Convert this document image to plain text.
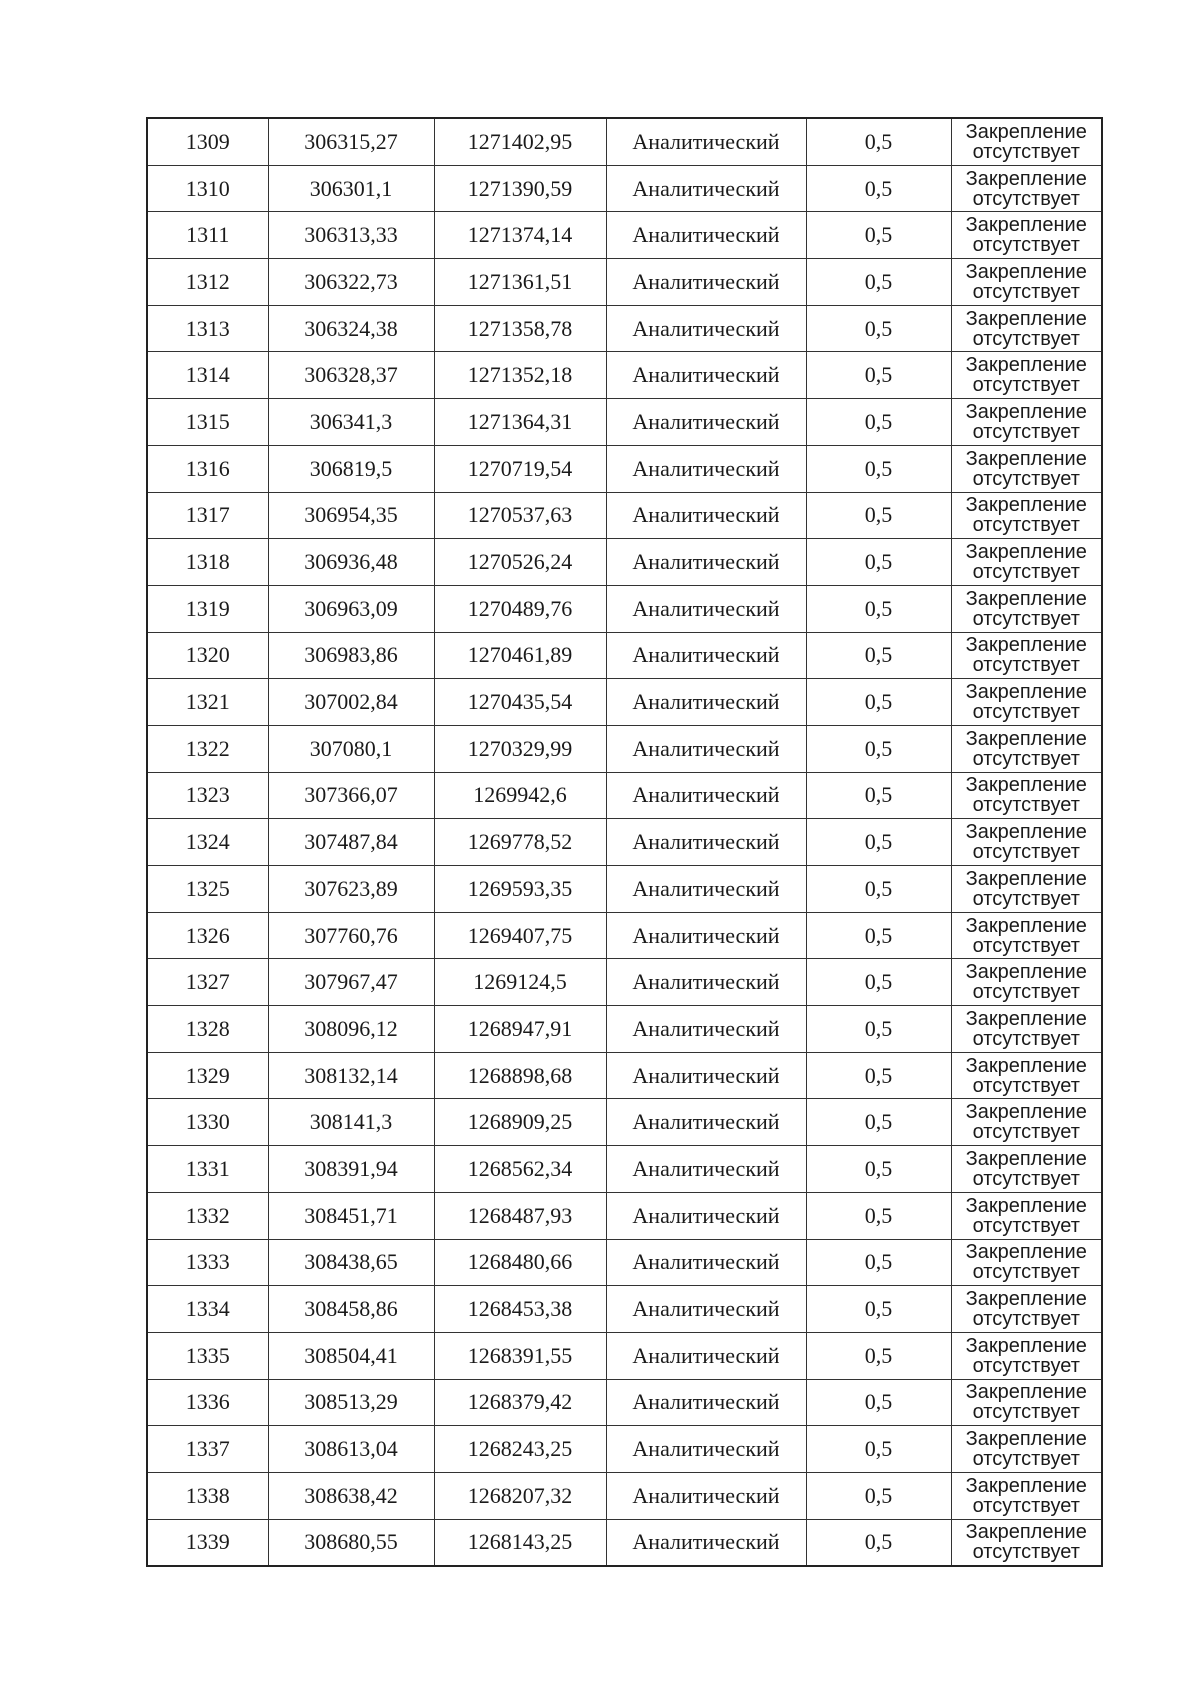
1309	306315,27	1271402,95	Аналитический	0,5	Закрепление
отсутствует

1310	306301,1	1271390,59	Аналитический	0,5	Закрепление
отсутствует

1311	306313,33	1271374,14	Аналитический	0,5	Закрепление
отсутствует

1312	306322,73	1271361,51	Аналитический	0,5	Закрепление
отсутствует

1313	306324,38	1271358,78	Аналитический	0,5	Закрепление
отсутствует

1314	306328,37	1271352,18	Аналитический	0,5	Закрепление
отсутствует

1315	306341,3	1271364,31	Аналитический	0,5	Закрепление
отсутствует

1316	306819,5	1270719,54	Аналитический	0,5	Закрепление
отсутствует

1317	306954,35	1270537,63	Аналитический	0,5	Закрепление
отсутствует

1318	306936,48	1270526,24	Аналитический	0,5	Закрепление
отсутствует

1319	306963,09	1270489,76	Аналитический	0,5	Закрепление
отсутствует

1320	306983,86	1270461,89	Аналитический	0,5	Закрепление
отсутствует

1321	307002,84	1270435,54	Аналитический	0,5	Закрепление
отсутствует

1322	307080,1	1270329,99	Аналитический	0,5	Закрепление
отсутствует

1323	307366,07	1269942,6	Аналитический	0,5	Закрепление
отсутствует

1324	307487,84	1269778,52	Аналитический	0,5	Закрепление
отсутствует

1325	307623,89	1269593,35	Аналитический	0,5	Закрепление
отсутствует

1326	307760,76	1269407,75	Аналитический	0,5	Закрепление
отсутствует

1327	307967,47	1269124,5	Аналитический	0,5	Закрепление
отсутствует

1328	308096,12	1268947,91	Аналитический	0,5	Закрепление
отсутствует

1329	308132,14	1268898,68	Аналитический	0,5	Закрепление
отсутствует

1330	308141,3	1268909,25	Аналитический	0,5	Закрепление
отсутствует

1331	308391,94	1268562,34	Аналитический	0,5	Закрепление
отсутствует

1332	308451,71	1268487,93	Аналитический	0,5	Закрепление
отсутствует

1333	308438,65	1268480,66	Аналитический	0,5	Закрепление
отсутствует

1334	308458,86	1268453,38	Аналитический	0,5	Закрепление
отсутствует

1335	308504,41	1268391,55	Аналитический	0,5	Закрепление
отсутствует

1336	308513,29	1268379,42	Аналитический	0,5	Закрепление
отсутствует

1337	308613,04	1268243,25	Аналитический	0,5	Закрепление
отсутствует

1338	308638,42	1268207,32	Аналитический	0,5	Закрепление
отсутствует

1339	308680,55	1268143,25	Аналитический	0,5	Закрепление
отсутствует
